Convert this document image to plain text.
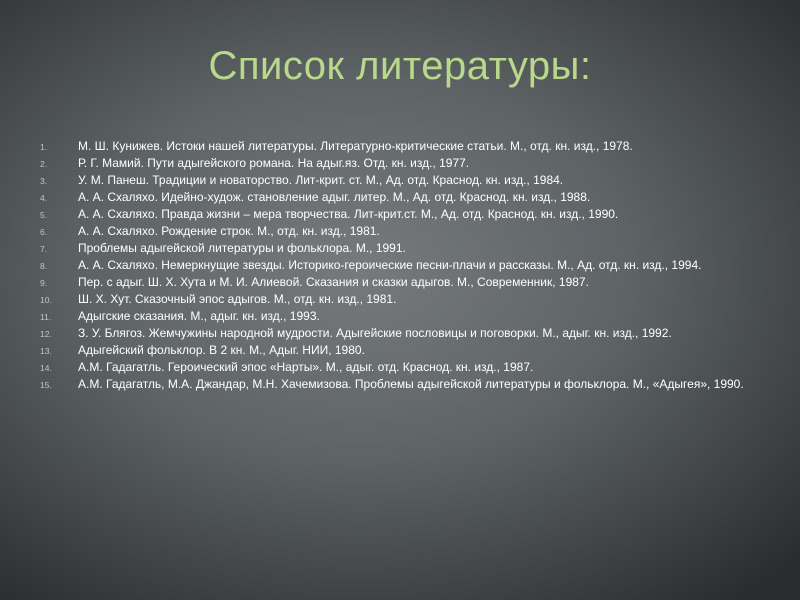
Список литературы:
1.	М. Ш. Кунижев. Истоки нашей литературы. Литературно-критические статьи. М., отд. кн. изд., 1978.
2.	Р. Г. Мамий. Пути адыгейского романа. На адыг.яз. Отд. кн. изд., 1977.
3.	У. М. Панеш. Традиции и новаторство. Лит-крит. ст. М., Ад. отд. Краснод. кн. изд., 1984.
4.	А. А. Схаляхо. Идейно-худож. становление адыг. литер. М., Ад. отд. Краснод. кн. изд., 1988.
5.	А. А. Схаляхо. Правда жизни – мера творчества. Лит-крит.ст. М., Ад. отд. Краснод. кн. изд., 1990.
6.	А. А. Схаляхо. Рождение строк. М., отд. кн. изд., 1981.
7.	Проблемы адыгейской литературы и фольклора. М., 1991.
8.	А. А. Схаляхо. Немеркнущие звезды. Историко-героические песни-плачи и рассказы. М., Ад. отд. кн. изд., 1994.
9.	Пер. с адыг. Ш. Х. Хута и М. И. Алиевой. Сказания и сказки адыгов. М., Современник, 1987.
10.	Ш. Х. Хут. Сказочный эпос адыгов. М., отд. кн. изд., 1981.
11.	Адыгские сказания. М., адыг. кн. изд., 1993.
12.	З. У. Блягоз. Жемчужины народной мудрости. Адыгейские пословицы и поговорки. М., адыг. кн. изд., 1992.
13.	Адыгейский фольклор. В 2 кн. М., Адыг. НИИ, 1980.
14.	А.М. Гадагатль. Героический эпос «Нарты». М., адыг. отд. Краснод. кн. изд., 1987.
15.	А.М. Гадагатль, М.А. Джандар, М.Н. Хачемизова. Проблемы адыгейской литературы и фольклора. М., «Адыгея», 1990.
